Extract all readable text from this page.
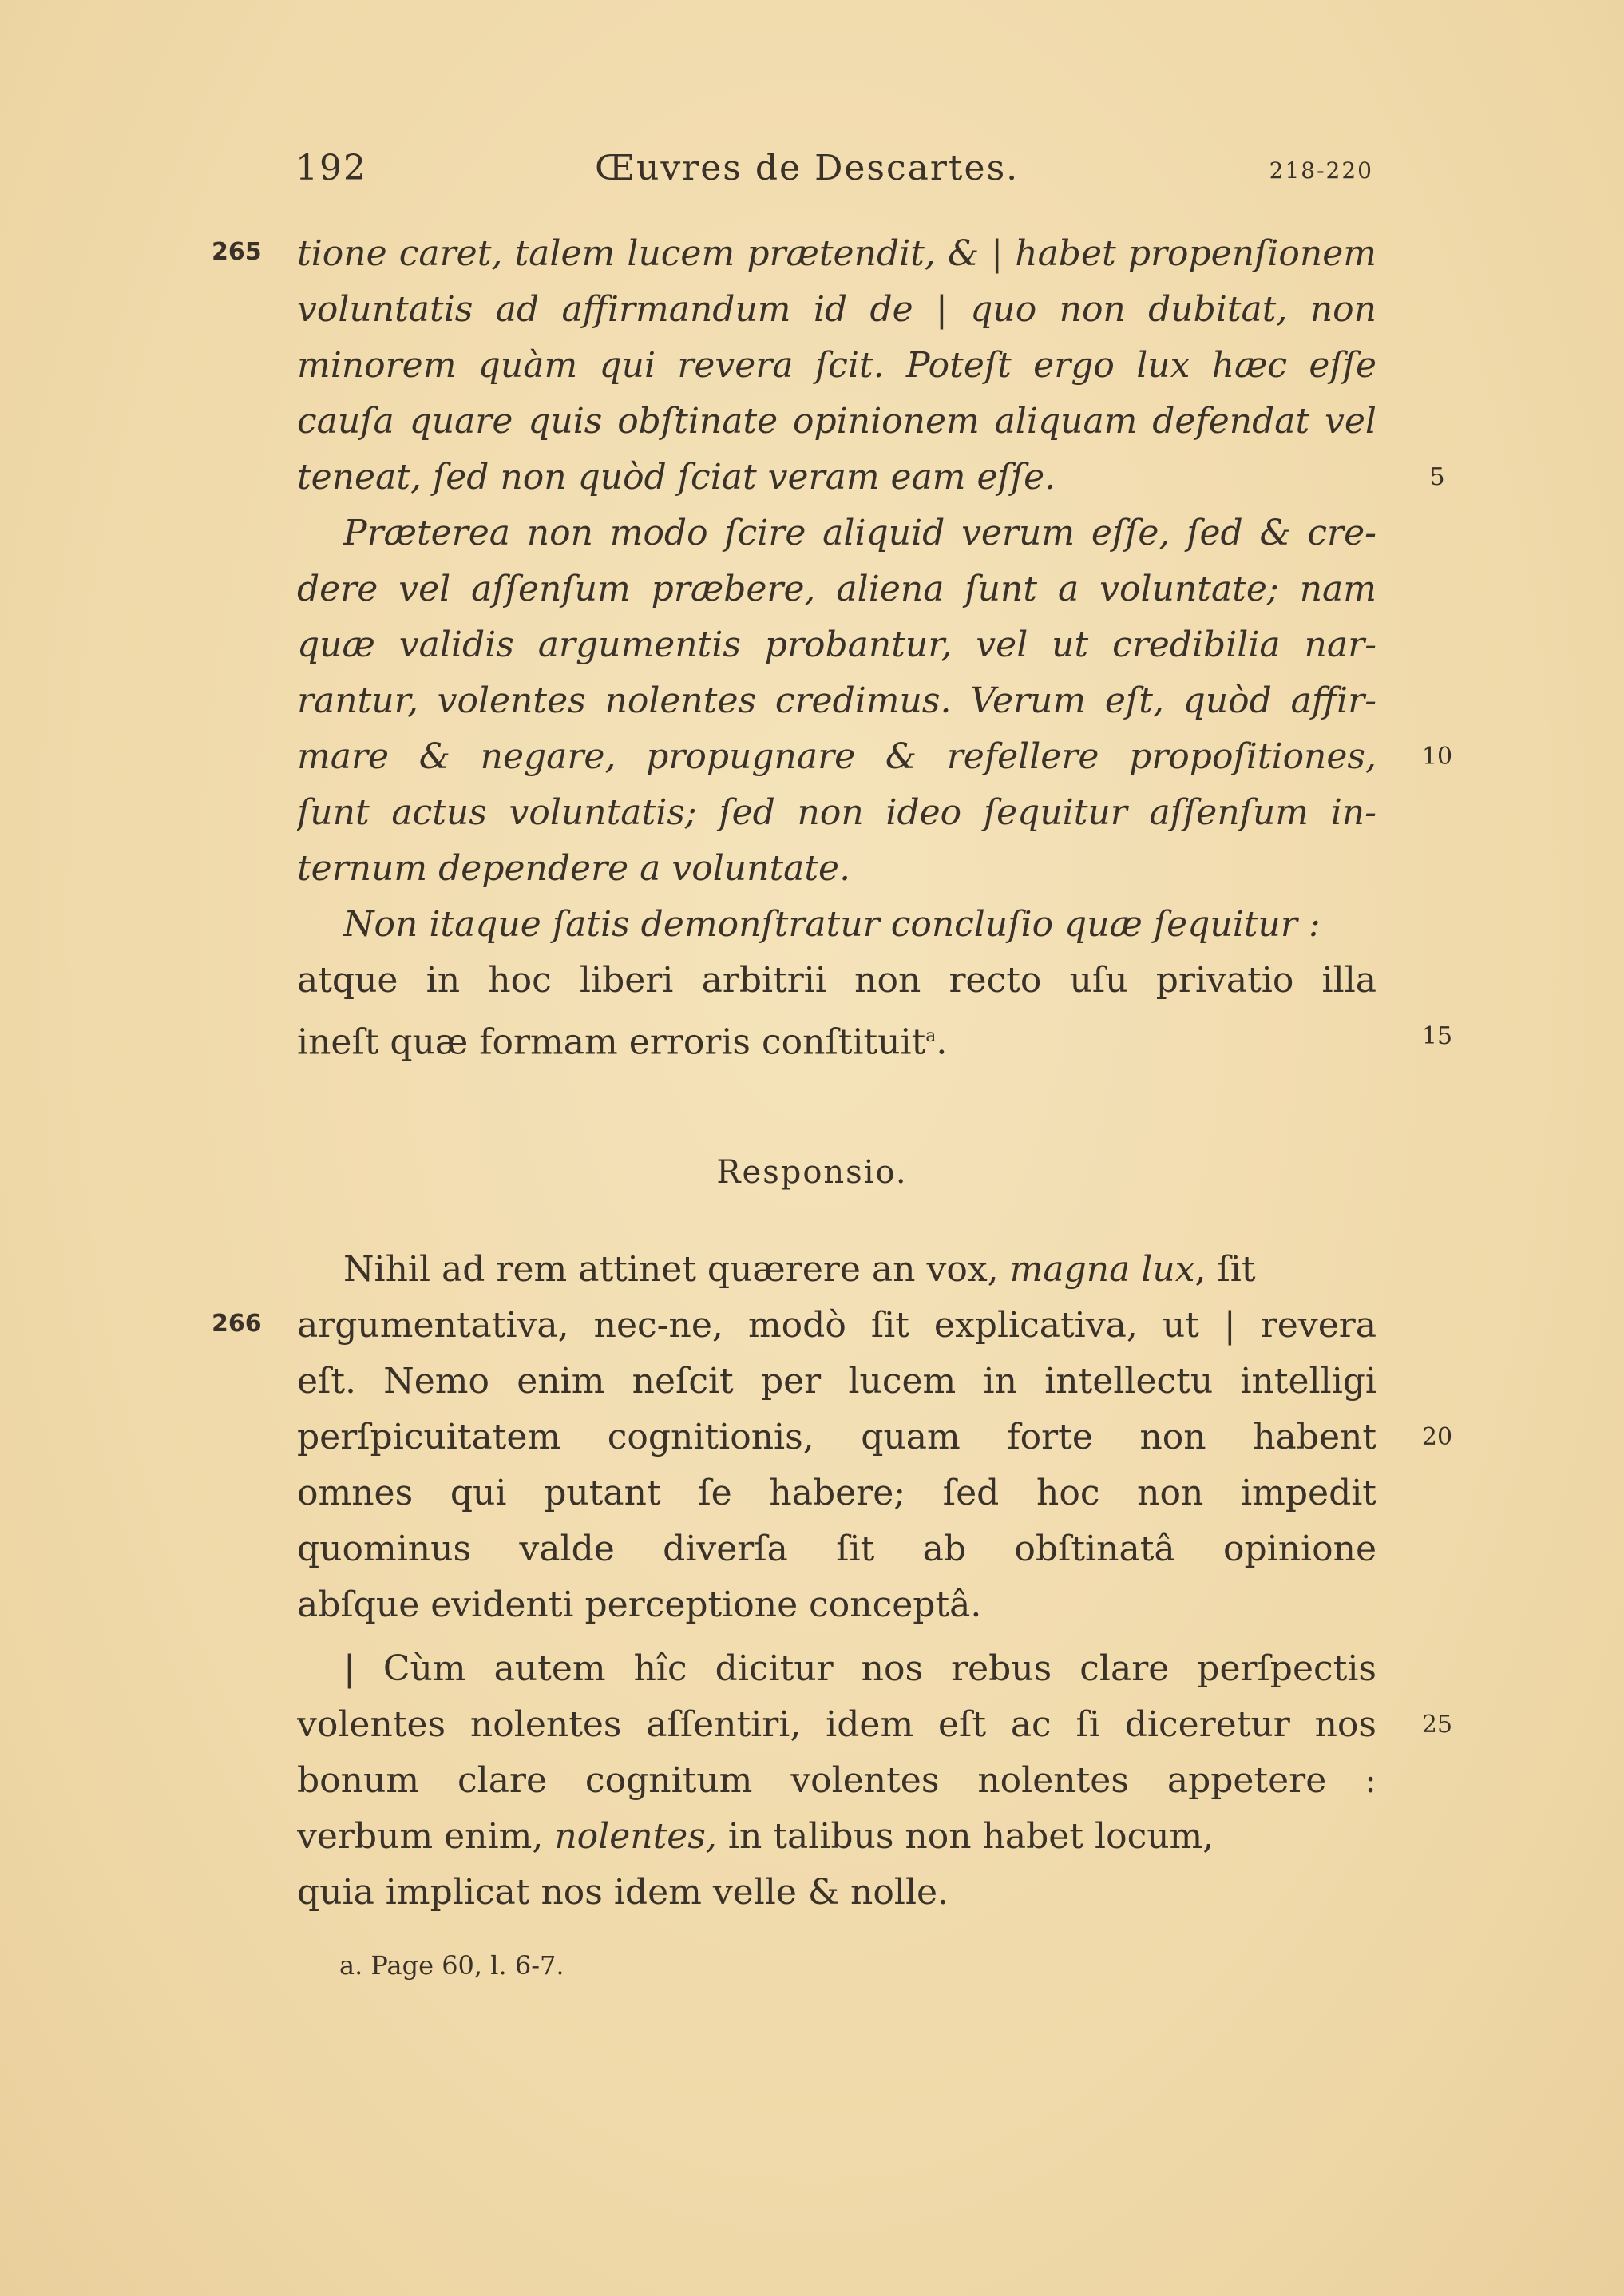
192	Œuvres de Descartes.	218-220
tione caret, talem lucem prætendit, & | habet propenſionem
voluntatis ad affirmandum id de | quo non dubitat, non
minorem quàm qui revera ſcit. Poteſt ergo lux hæc eſſe
cauſa quare quis obſtinate opinionem aliquam defendat vel
teneat, ſed non quòd ſciat veram eam eſſe.
Præterea non modo ſcire aliquid verum eſſe, ſed & cre-
dere vel aſſenſum præbere, aliena ſunt a voluntate; nam
quæ validis argumentis probantur, vel ut credibilia nar-
rantur, volentes nolentes credimus. Verum eſt, quòd affir-
mare & negare, propugnare & refellere propoſitiones,
ſunt actus voluntatis; ſed non ideo ſequitur aſſenſum in-
ternum dependere a voluntate.
Non itaque ſatis demonſtratur concluſio quæ ſequitur :
atque in hoc liberi arbitrii non recto uſu privatio illa
ineſt quæ formam erroris conſtituit$^a$.
Responsio.
Nihil ad rem attinet quærere an vox, magna lux, ſit
argumentativa, nec-ne, modò ſit explicativa, ut | revera
eſt. Nemo enim neſcit per lucem in intellectu intelligi
perſpicuitatem cognitionis, quam forte non habent
omnes qui putant ſe habere; ſed hoc non impedit
quominus valde diverſa ſit ab obſtinatâ opinione
abſque evidenti perceptione conceptâ.
| Cùm autem hîc dicitur nos rebus clare perſpectis
volentes nolentes aſſentiri, idem eſt ac ſi diceretur nos
bonum clare cognitum volentes nolentes appetere :
verbum enim, nolentes, in talibus non habet locum,
quia implicat nos idem velle & nolle.
a. Page 60, l. 6-7.
265
266
5
10
15
20
25
